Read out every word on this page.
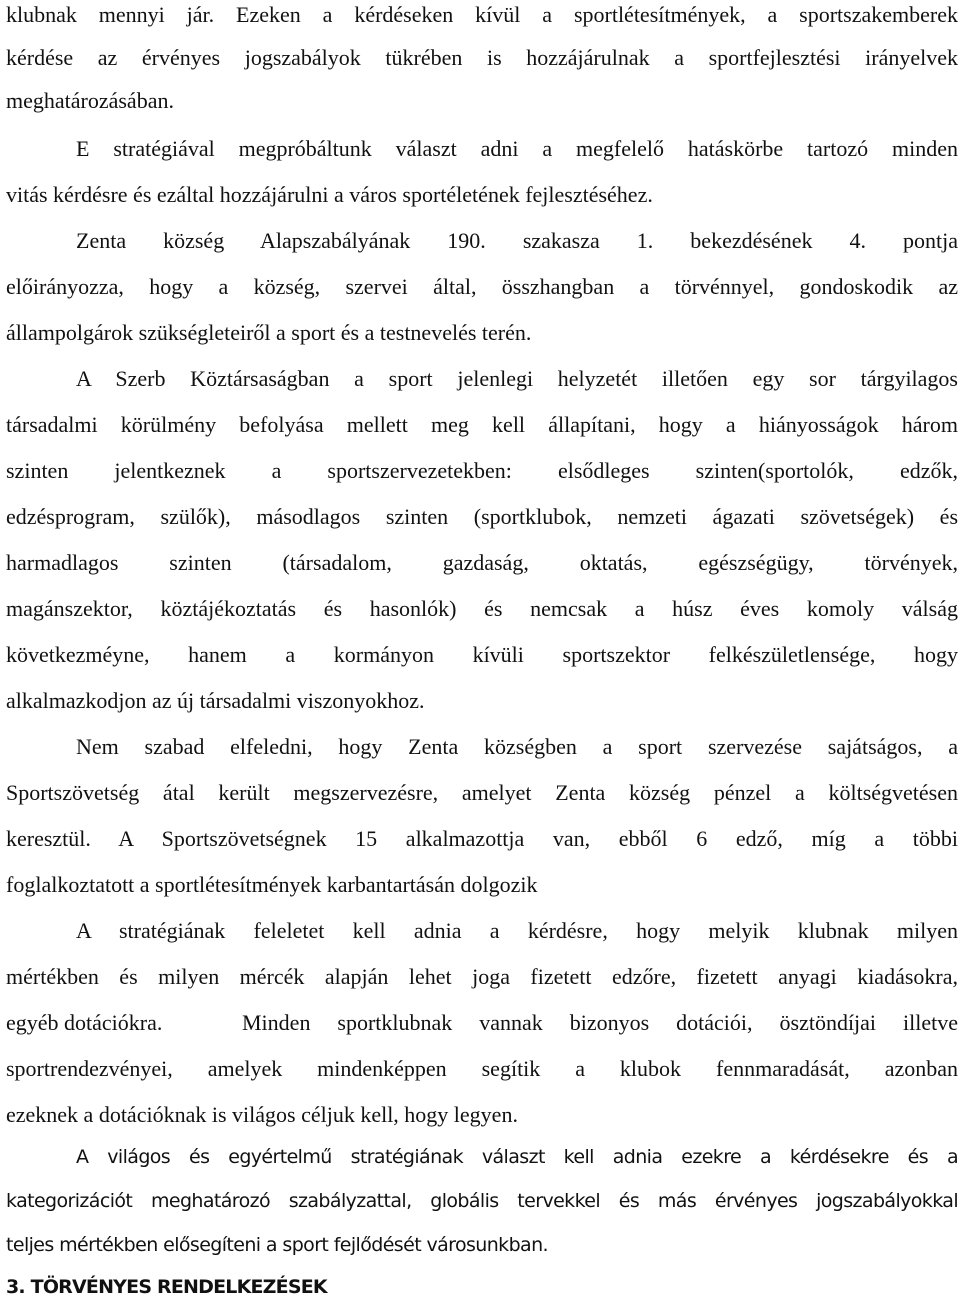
klubnak mennyi jár. Ezeken a kérdéseken kívül a sportlétesítmények, a sportszakemberek
kérdése az érvényes jogszabályok tükrében is hozzájárulnak a sportfejlesztési irányelvek
meghatározásában.
E stratégiával megpróbáltunk választ adni a megfelelő hatáskörbe tartozó minden
vitás kérdésre és ezáltal hozzájárulni a város sportéletének fejlesztéséhez.
Zenta község Alapszabályának 190. szakasza 1. bekezdésének 4. pontja
előirányozza, hogy a község, szervei által, összhangban a törvénnyel, gondoskodik az
állampolgárok szükségleteiről a sport és a testnevelés terén.
A Szerb Köztársaságban a sport jelenlegi helyzetét illetően egy sor tárgyilagos
társadalmi körülmény befolyása mellett meg kell állapítani, hogy a hiányosságok három
szinten jelentkeznek a sportszervezetekben: elsődleges szinten(sportolók, edzők,
edzésprogram, szülők), másodlagos szinten (sportklubok, nemzeti ágazati szövetségek) és
harmadlagos szinten (társadalom, gazdaság, oktatás, egészségügy, törvények,
magánszektor, köztájékoztatás és hasonlók) és nemcsak a húsz éves komoly válság
következméyne, hanem a kormányon kívüli sportszektor felkészületlensége, hogy
alkalmazkodjon az új társadalmi viszonyokhoz.
Nem szabad elfeledni, hogy Zenta községben a sport szervezése sajátságos, a
Sportszövetség átal került megszervezésre, amelyet Zenta község pénzel a költségvetésen
keresztül. A Sportszövetségnek 15 alkalmazottja van, ebből 6 edző, míg a többi
foglalkoztatott a sportlétesítmények karbantartásán dolgozik
A stratégiának feleletet kell adnia a kérdésre, hogy melyik klubnak milyen
mértékben és milyen mércék alapján lehet joga fizetett edzőre, fizetett anyagi kiadásokra,
egyéb dotációkra.	Minden sportklubnak vannak bizonyos dotációi, ösztöndíjai illetve
sportrendezvényei, amelyek mindenképpen segítik a klubok fennmaradását, azonban
ezeknek a dotációknak is világos céljuk kell, hogy legyen.
A világos és egyértelmű stratégiának választ kell adnia ezekre a kérdésekre és a
kategorizációt meghatározó szabályzattal, globális tervekkel és más érvényes jogszabályokkal
teljes mértékben elősegíteni a sport fejlődését városunkban.
3. TÖRVÉNYES RENDELKEZÉSEK
